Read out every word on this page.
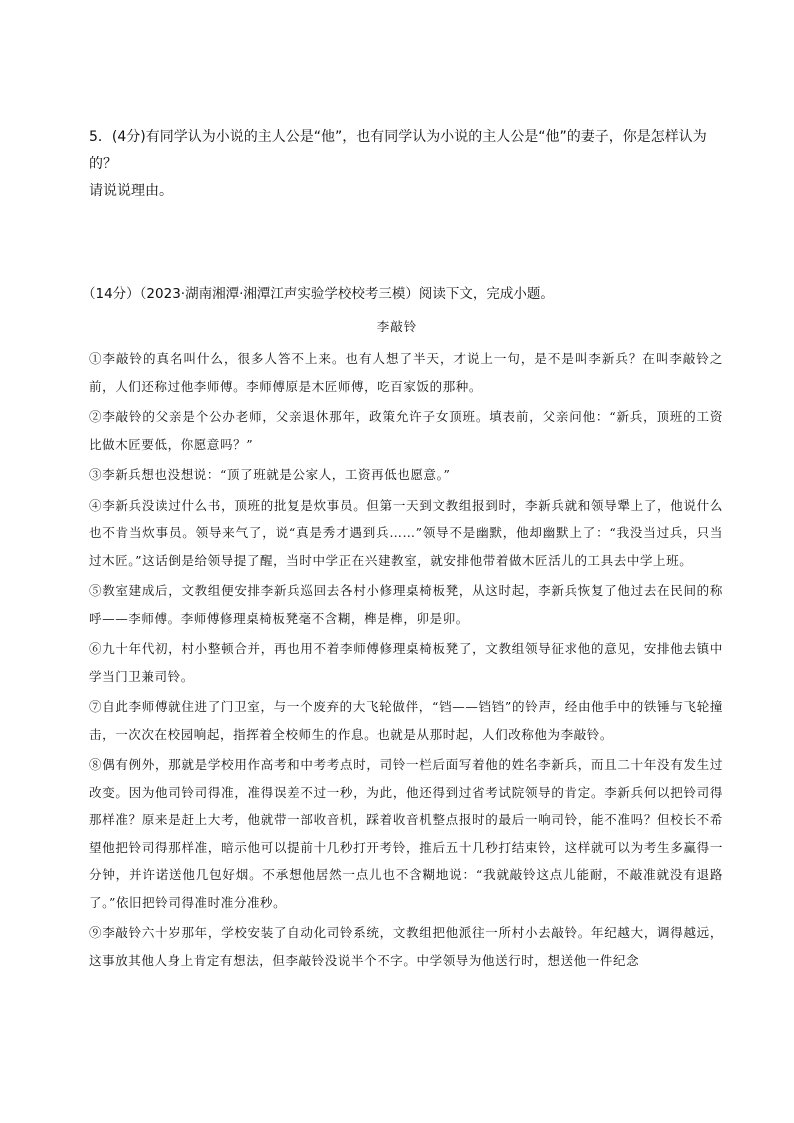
5．(4分)有同学认为小说的主人公是“他”，也有同学认为小说的主人公是“他”的妻子，你是怎样认为的？

请说说理由。

（14分）（2023·湖南湘潭·湘潭江声实验学校校考三模）阅读下文，完成小题。
李敲铃

①李敲铃的真名叫什么，很多人答不上来。也有人想了半天，才说上一句，是不是叫李新兵？在叫李敲铃之前，人们还称过他李师傅。李师傅原是木匠师傅，吃百家饭的那种。

②李敲铃的父亲是个公办老师，父亲退休那年，政策允许子女顶班。填表前，父亲问他：“新兵，顶班的工资比做木匠要低，你愿意吗？”

③李新兵想也没想说：“顶了班就是公家人，工资再低也愿意。”

④李新兵没读过什么书，顶班的批复是炊事员。但第一天到文教组报到时，李新兵就和领导犟上了，他说什么也不肯当炊事员。领导来气了，说“真是秀才遇到兵……”领导不是幽默，他却幽默上了：“我没当过兵，只当过木匠。”这话倒是给领导提了醒，当时中学正在兴建教室，就安排他带着做木匠活儿的工具去中学上班。

⑤教室建成后，文教组便安排李新兵巡回去各村小修理桌椅板凳，从这时起，李新兵恢复了他过去在民间的称呼——李师傅。李师傅修理桌椅板凳毫不含糊，榫是榫，卯是卯。

⑥九十年代初，村小整顿合并，再也用不着李师傅修理桌椅板凳了，文教组领导征求他的意见，安排他去镇中学当门卫兼司铃。

⑦自此李师傅就住进了门卫室，与一个废弃的大飞轮做伴，“铛——铛铛”的铃声，经由他手中的铁锤与飞轮撞击，一次次在校园响起，指挥着全校师生的作息。也就是从那时起，人们改称他为李敲铃。

⑧偶有例外，那就是学校用作高考和中考考点时，司铃一栏后面写着他的姓名李新兵，而且二十年没有发生过改变。因为他司铃司得准，准得误差不过一秒，为此，他还得到过省考试院领导的肯定。李新兵何以把铃司得那样准？原来是赶上大考，他就带一部收音机，踩着收音机整点报时的最后一响司铃，能不准吗？但校长不希望他把铃司得那样准，暗示他可以提前十几秒打开考铃，推后五十几秒打结束铃，这样就可以为考生多赢得一分钟，并许诺送他几包好烟。不承想他居然一点儿也不含糊地说：“我就敲铃这点儿能耐，不敲准就没有退路了。”依旧把铃司得准时准分准秒。

⑨李敲铃六十岁那年，学校安装了自动化司铃系统，文教组把他派往一所村小去敲铃。年纪越大，调得越远，这事放其他人身上肯定有想法，但李敲铃没说半个不字。中学领导为他送行时，想送他一件纪念
